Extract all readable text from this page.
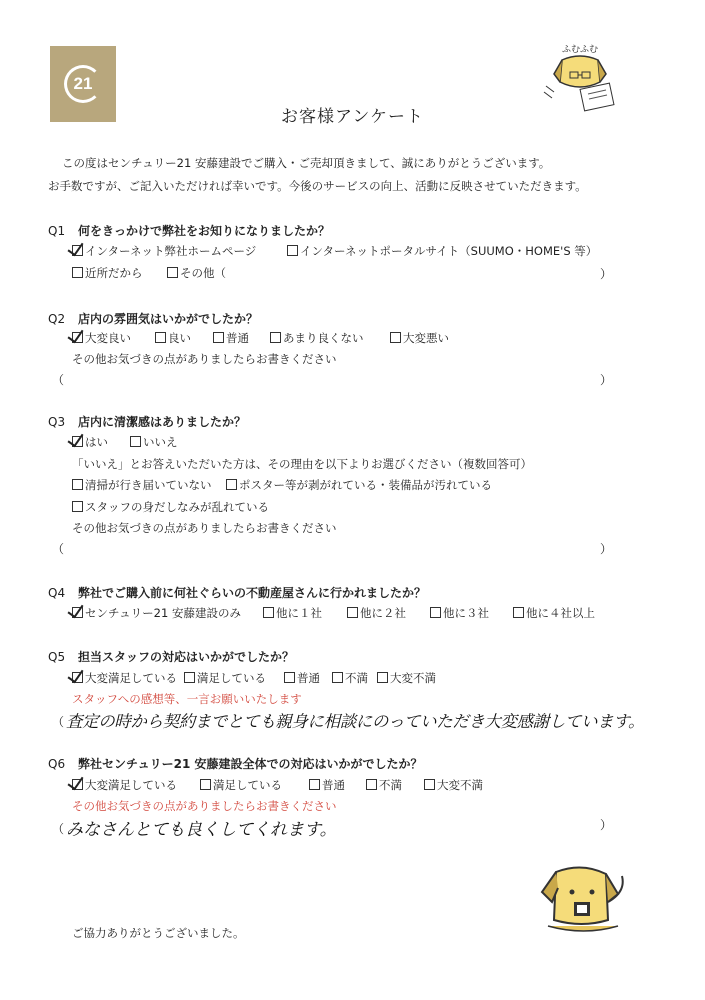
21
ふむふむ
お客様アンケート
この度はセンチュリー21 安藤建設でご購入・ご売却頂きまして、誠にありがとうございます。
お手数ですが、ご記入いただければ幸いです。今後のサービスの向上、活動に反映させていただきます。
Q1 何をきっかけで弊社をお知りになりましたか？
インターネット弊社ホームページ	インターネットポータルサイト（SUUMO・HOME'S 等）
近所だから	その他（	）
Q2 店内の雰囲気はいかがでしたか？
大変良い	良い	普通	あまり良くない	大変悪い
その他お気づきの点がありましたらお書きください
（	）
Q3 店内に清潔感はありましたか？
はい	いいえ
「いいえ」とお答えいただいた方は、その理由を以下よりお選びください（複数回答可）
清掃が行き届いていない	ポスター等が剥がれている・装備品が汚れている
スタッフの身だしなみが乱れている
その他お気づきの点がありましたらお書きください
（	）
Q4 弊社でご購入前に何社ぐらいの不動産屋さんに行かれましたか？
センチュリー21 安藤建設のみ	他に１社	他に２社	他に３社	他に４社以上
Q5 担当スタッフの対応はいかがでしたか？
大変満足している	満足している	普通	不満	大変不満
スタッフへの感想等、一言お願いいたします
（ 査定の時から契約までとても親身に相談にのっていただき大変感謝しています。
Q6 弊社センチュリー21 安藤建設全体での対応はいかがでしたか？
大変満足している	満足している	普通	不満	大変不満
その他お気づきの点がありましたらお書きください
（ みなさんとても良くしてくれます。	）
ご協力ありがとうございました。
